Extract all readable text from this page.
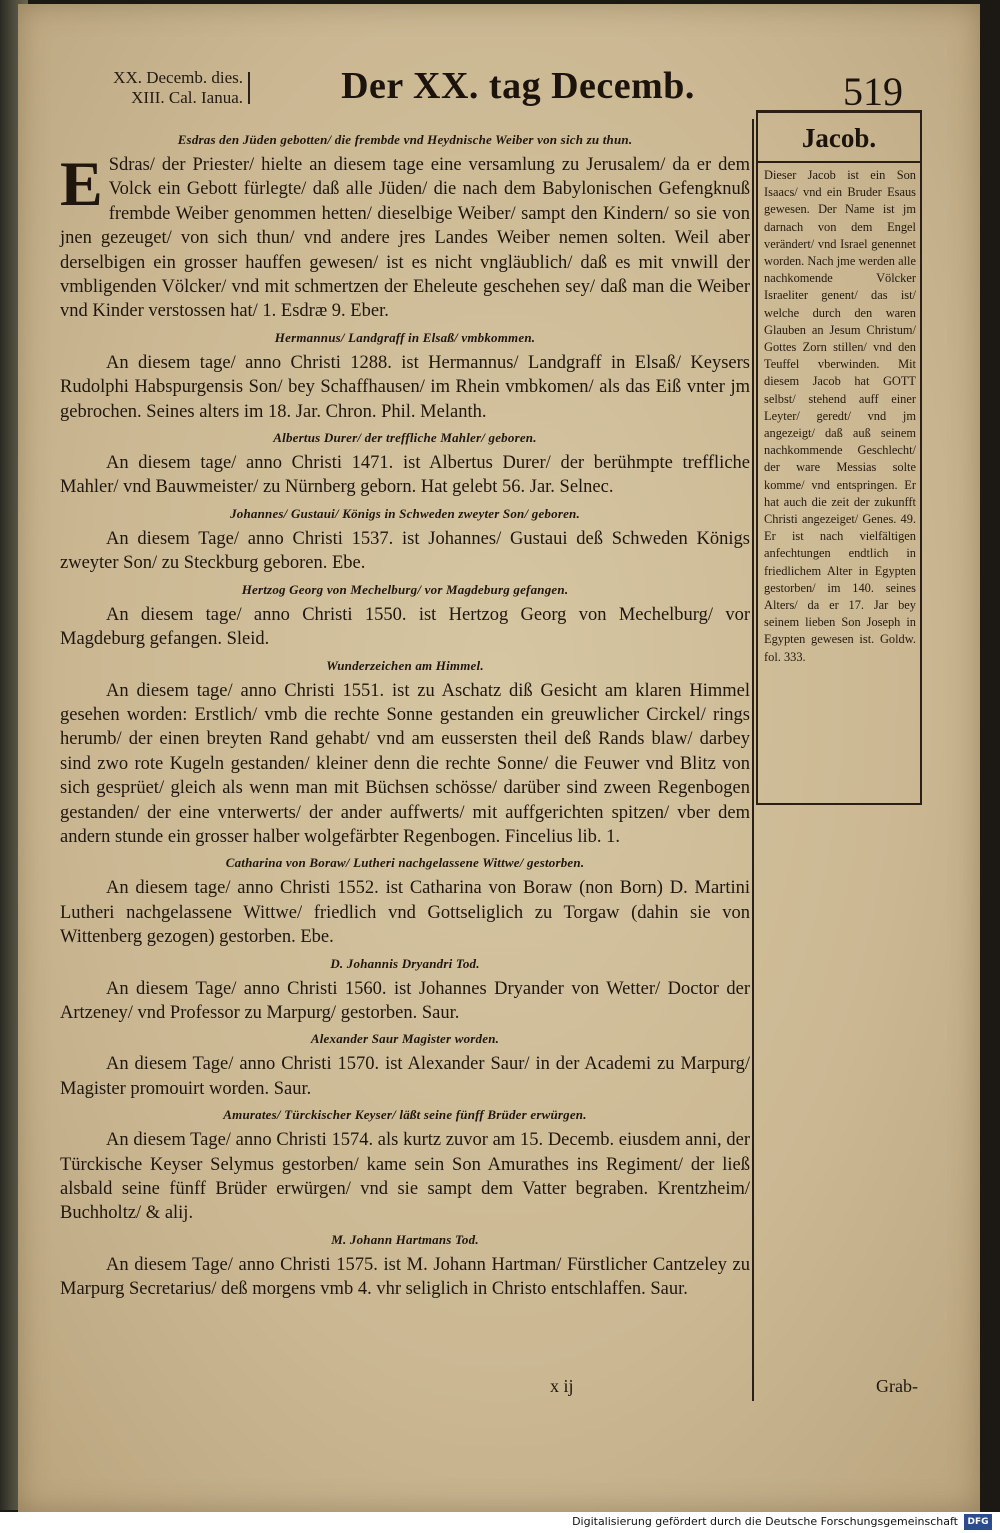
XX. Decemb. dies.
XIII. Cal. Ianua.	Der XX. tag Decemb.	519
Jacob.
Dieser Jacob ist ein Son Isaacs/ vnd ein Bruder Esaus gewesen. Der Name ist jm darnach von dem Engel verändert/ vnd Israel genennet worden. Nach jme werden alle nachkomende Völcker Israeliter genent/ das ist/ welche durch den waren Glauben an Jesum Christum/ Gottes Zorn stillen/ vnd den Teuffel vberwinden. Mit diesem Jacob hat GOTT selbst/ stehend auff einer Leyter/ geredt/ vnd jm angezeigt/ daß auß seinem nachkommende Geschlecht/ der ware Messias solte komme/ vnd entspringen. Er hat auch die zeit der zukunfft Christi angezeiget/ Genes. 49. Er ist nach vielfältigen anfechtungen endtlich in friedlichem Alter in Egypten gestorben/ im 140. seines Alters/ da er 17. Jar bey seinem lieben Son Joseph in Egypten gewesen ist. Goldw. fol. 333.
Esdras den Jüden gebotten/ die frembde vnd Heydnische Weiber von sich zu thun.

E Sdras/ der Priester/ hielte an diesem tage eine versamlung zu Jerusalem/ da er dem Volck ein Gebott fürlegte/ daß alle Jüden/ die nach dem Babylonischen Gefengknuß frembde Weiber genommen hetten/ dieselbige Weiber/ sampt den Kindern/ so sie von jnen gezeuget/ von sich thun/ vnd andere jres Landes Weiber nemen solten. Weil aber derselbigen ein grosser hauffen gewesen/ ist es nicht vngläublich/ daß es mit vnwill der vmbligenden Völcker/ vnd mit schmertzen der Eheleute geschehen sey/ daß man die Weiber vnd Kinder verstossen hat/ 1. Esdræ 9. Eber.

Hermannus/ Landgraff in Elsaß/ vmbkommen.

An diesem tage/ anno Christi 1288. ist Hermannus/ Landgraff in Elsaß/ Keysers Rudolphi Habspurgensis Son/ bey Schaffhausen/ im Rhein vmbkomen/ als das Eiß vnter jm gebrochen. Seines alters im 18. Jar. Chron. Phil. Melanth.

Albertus Durer/ der treffliche Mahler/ geboren.

An diesem tage/ anno Christi 1471. ist Albertus Durer/ der berühmpte treffliche Mahler/ vnd Bauwmeister/ zu Nürnberg geborn. Hat gelebt 56. Jar. Selnec.

Johannes/ Gustaui/ Königs in Schweden zweyter Son/ geboren.

An diesem Tage/ anno Christi 1537. ist Johannes/ Gustaui deß Schweden Königs zweyter Son/ zu Steckburg geboren. Ebe.

Hertzog Georg von Mechelburg/ vor Magdeburg gefangen.

An diesem tage/ anno Christi 1550. ist Hertzog Georg von Mechelburg/ vor Magdeburg gefangen. Sleid.

Wunderzeichen am Himmel.

An diesem tage/ anno Christi 1551. ist zu Aschatz diß Gesicht am klaren Himmel gesehen worden: Erstlich/ vmb die rechte Sonne gestanden ein greuwlicher Circkel/ rings herumb/ der einen breyten Rand gehabt/ vnd am eussersten theil deß Rands blaw/ darbey sind zwo rote Kugeln gestanden/ kleiner denn die rechte Sonne/ die Feuwer vnd Blitz von sich gesprüet/ gleich als wenn man mit Büchsen schösse/ darüber sind zween Regenbogen gestanden/ der eine vnterwerts/ der ander auffwerts/ mit auffgerichten spitzen/ vber dem andern stunde ein grosser halber wolgefärbter Regenbogen. Fincelius lib. 1.

Catharina von Boraw/ Lutheri nachgelassene Wittwe/ gestorben.

An diesem tage/ anno Christi 1552. ist Catharina von Boraw (non Born) D. Martini Lutheri nachgelassene Wittwe/ friedlich vnd Gottseliglich zu Torgaw (dahin sie von Wittenberg gezogen) gestorben. Ebe.

D. Johannis Dryandri Tod.

An diesem Tage/ anno Christi 1560. ist Johannes Dryander von Wetter/ Doctor der Artzeney/ vnd Professor zu Marpurg/ gestorben. Saur.

Alexander Saur Magister worden.

An diesem Tage/ anno Christi 1570. ist Alexander Saur/ in der Academi zu Marpurg/ Magister promouirt worden. Saur.

Amurates/ Türckischer Keyser/ läßt seine fünff Brüder erwürgen.

An diesem Tage/ anno Christi 1574. als kurtz zuvor am 15. Decemb. eiusdem anni, der Türckische Keyser Selymus gestorben/ kame sein Son Amurathes ins Regiment/ der ließ alsbald seine fünff Brüder erwürgen/ vnd sie sampt dem Vatter begraben. Krentzheim/ Buchholtz/ & alij.

M. Johann Hartmans Tod.

An diesem Tage/ anno Christi 1575. ist M. Johann Hartman/ Fürstlicher Cantzeley zu Marpurg Secretarius/ deß morgens vmb 4. vhr seliglich in Christo entschlaffen. Saur.

x ij	Grab-
Digitalisierung gefördert durch die Deutsche Forschungsgemeinschaft	DFG
